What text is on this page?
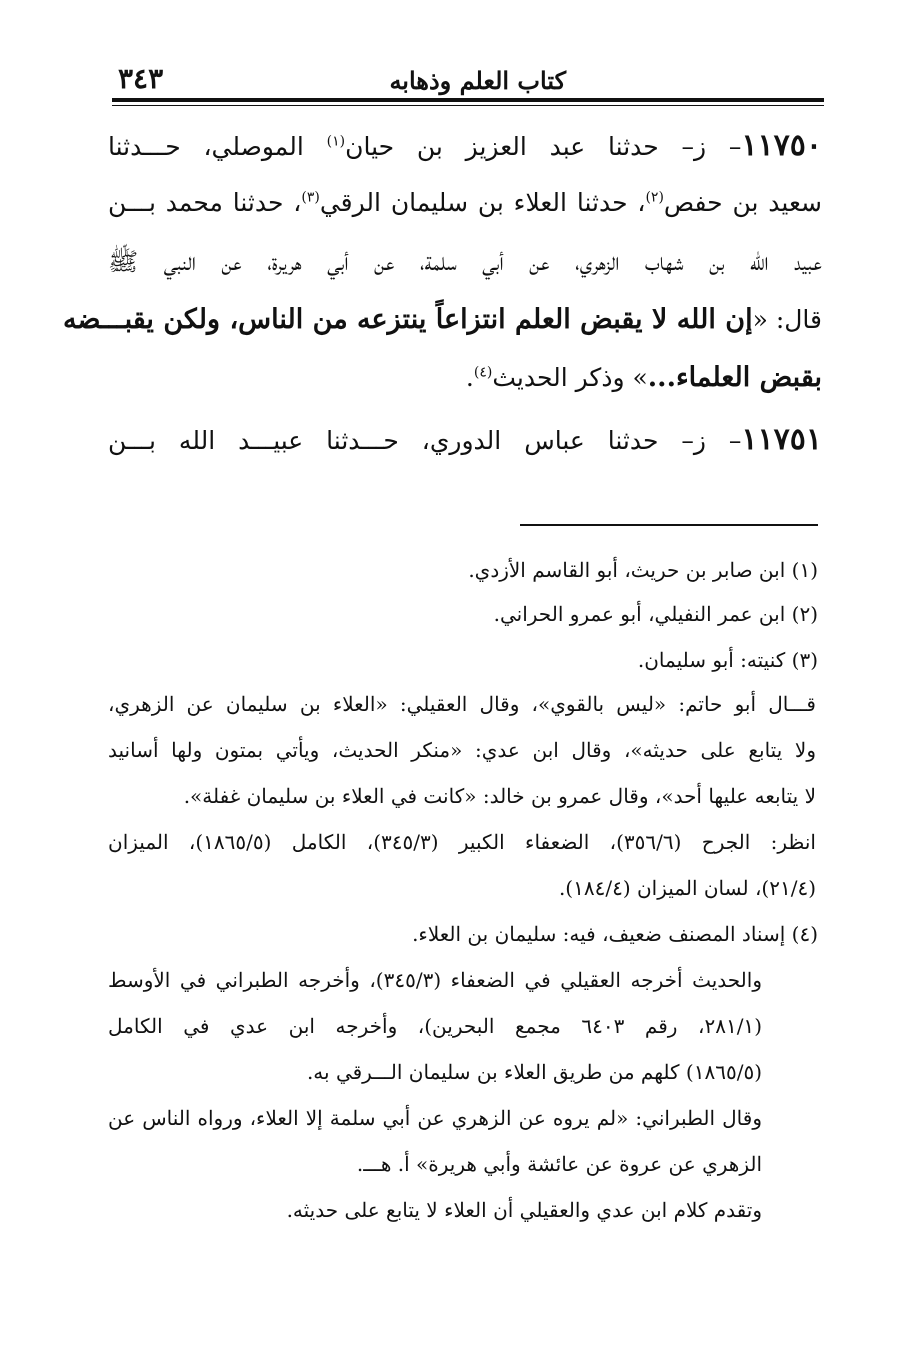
كتاب العلم وذهابه
٣٤٣
١١٧٥٠– ز– حدثنا عبد العزيز بن حيان$^{(١)}$ الموصلي، حـــدثنا
سعيد بن حفص$^{(٢)}$، حدثنا العلاء بن سليمان الرقي$^{(٣)}$، حدثنا محمد بـــن
عبيد الله بن شهاب الزهري، عن أبي سلمة، عن أبي هريرة، عن النبي ﷺ
قال: «إن الله لا يقبض العلم انتزاعاً ينتزعه من الناس، ولكن يقبـــضه
بقبض العلماء...» وذكر الحديث$^{(٤)}$.
١١٧٥١– ز– حدثنا عباس الدوري، حـــدثنا عبيـــد الله بـــن
(١) ابن صابر بن حريث، أبو القاسم الأزدي.
(٢) ابن عمر النفيلي، أبو عمرو الحراني.
(٣) كنيته: أبو سليمان.
قـــال أبو حاتم: «ليس بالقوي»، وقال العقيلي: «العلاء بن سليمان عن الزهري،
ولا يتابع على حديثه»، وقال ابن عدي: «منكر الحديث، ويأتي بمتون ولها أسانيد
لا يتابعه عليها أحد»، وقال عمرو بن خالد: «كانت في العلاء بن سليمان غفلة».
انظر: الجرح (٣٥٦/٦)، الضعفاء الكبير (٣٤٥/٣)، الكامل (١٨٦٥/٥)، الميزان
(٢١/٤)، لسان الميزان (١٨٤/٤).
(٤) إسناد المصنف ضعيف، فيه: سليمان بن العلاء.
والحديث أخرجه العقيلي في الضعفاء (٣٤٥/٣)، وأخرجه الطبراني في الأوسط
(٢٨١/١، رقم ٦٤٠٣ مجمع البحرين)، وأخرجه ابن عدي في الكامل
(١٨٦٥/٥) كلهم من طريق العلاء بن سليمان الـــرقي به.
وقال الطبراني: «لم يروه عن الزهري عن أبي سلمة إلا العلاء، ورواه الناس عن
الزهري عن عروة عن عائشة وأبي هريرة» أ. هـــ.
وتقدم كلام ابن عدي والعقيلي أن العلاء لا يتابع على حديثه.
